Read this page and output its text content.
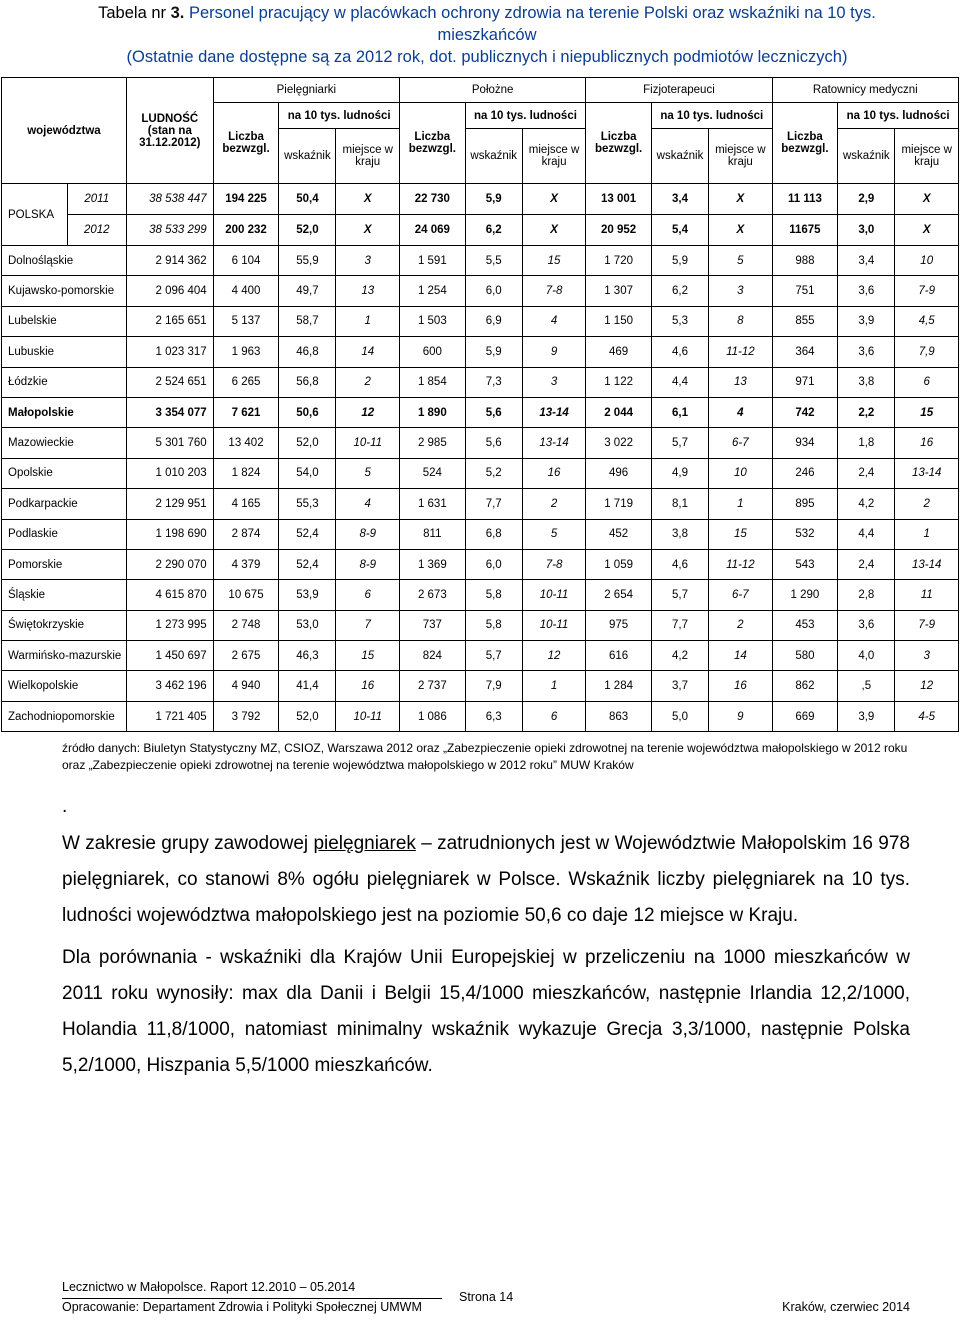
Tabela nr 3. Personel pracujący w placówkach ochrony zdrowia na terenie Polski oraz wskaźniki na 10 tys. mieszkańców
(Ostatnie dane dostępne są za 2012 rok, dot. publicznych i niepublicznych podmiotów leczniczych)
województwa		LUDNOŚĆ (stan na 31.12.2012)	Pielęgniarki			Położne			Fizjoterapeuci			Ratownicy medyczni		
			Liczba bezwzgl.	na 10 tys. ludności		Liczba bezwzgl.	na 10 tys. ludności		Liczba bezwzgl.	na 10 tys. ludności		Liczba bezwzgl.	na 10 tys. ludności	
				wskaźnik	miejsce w kraju		wskaźnik	miejsce w kraju		wskaźnik	miejsce w kraju		wskaźnik	miejsce w kraju
POLSKA	2011	38 538 447	194 225	50,4	X	22 730	5,9	X	13 001	3,4	X	11 113	2,9	X
	2012	38 533 299	200 232	52,0	X	24 069	6,2	X	20 952	5,4	X	11675	3,0	X
Dolnośląskie		2 914 362	6 104	55,9	3	1 591	5,5	15	1 720	5,9	5	988	3,4	10
Kujawsko-pomorskie		2 096 404	4 400	49,7	13	1 254	6,0	7-8	1 307	6,2	3	751	3,6	7-9
Lubelskie		2 165 651	5 137	58,7	1	1 503	6,9	4	1 150	5,3	8	855	3,9	4,5
Lubuskie		1 023 317	1 963	46,8	14	600	5,9	9	469	4,6	11-12	364	3,6	7,9
Łódzkie		2 524 651	6 265	56,8	2	1 854	7,3	3	1 122	4,4	13	971	3,8	6
Małopolskie		3 354 077	7 621	50,6	12	1 890	5,6	13-14	2 044	6,1	4	742	2,2	15
Mazowieckie		5 301 760	13 402	52,0	10-11	2 985	5,6	13-14	3 022	5,7	6-7	934	1,8	16
Opolskie		1 010 203	1 824	54,0	5	524	5,2	16	496	4,9	10	246	2,4	13-14
Podkarpackie		2 129 951	4 165	55,3	4	1 631	7,7	2	1 719	8,1	1	895	4,2	2
Podlaskie		1 198 690	2 874	52,4	8-9	811	6,8	5	452	3,8	15	532	4,4	1
Pomorskie		2 290 070	4 379	52,4	8-9	1 369	6,0	7-8	1 059	4,6	11-12	543	2,4	13-14
Śląskie		4 615 870	10 675	53,9	6	2 673	5,8	10-11	2 654	5,7	6-7	1 290	2,8	11
Świętokrzyskie		1 273 995	2 748	53,0	7	737	5,8	10-11	975	7,7	2	453	3,6	7-9
Warmińsko-mazurskie		1 450 697	2 675	46,3	15	824	5,7	12	616	4,2	14	580	4,0	3
Wielkopolskie		3 462 196	4 940	41,4	16	2 737	7,9	1	1 284	3,7	16	862	,5	12
Zachodniopomorskie		1 721 405	3 792	52,0	10-11	1 086	6,3	6	863	5,0	9	669	3,9	4-5
źródło danych: Biuletyn Statystyczny MZ, CSIOZ, Warszawa 2012 oraz „Zabezpieczenie opieki zdrowotnej na terenie województwa małopolskiego w 2012 roku oraz „Zabezpieczenie opieki zdrowotnej na terenie województwa małopolskiego w 2012 roku” MUW Kraków
.
W zakresie grupy zawodowej pielęgniarek – zatrudnionych jest w Województwie Małopolskim 16 978 pielęgniarek, co stanowi 8% ogółu pielęgniarek w Polsce. Wskaźnik liczby pielęgniarek na 10 tys. ludności województwa małopolskiego jest na poziomie 50,6 co daje 12 miejsce w Kraju.
Dla porównania - wskaźniki dla Krajów Unii Europejskiej w przeliczeniu na 1000 mieszkańców w 2011 roku wynosiły: max dla Danii i Belgii 15,4/1000 mieszkańców, następnie Irlandia 12,2/1000, Holandia 11,8/1000, natomiast minimalny wskaźnik wykazuje Grecja 3,3/1000, następnie Polska 5,2/1000, Hiszpania 5,5/1000 mieszkańców.
Lecznictwo w Małopolsce. Raport 12.2010 – 05.2014
Opracowanie: Departament Zdrowia i Polityki Społecznej UMWM
Strona 14
Kraków, czerwiec 2014
